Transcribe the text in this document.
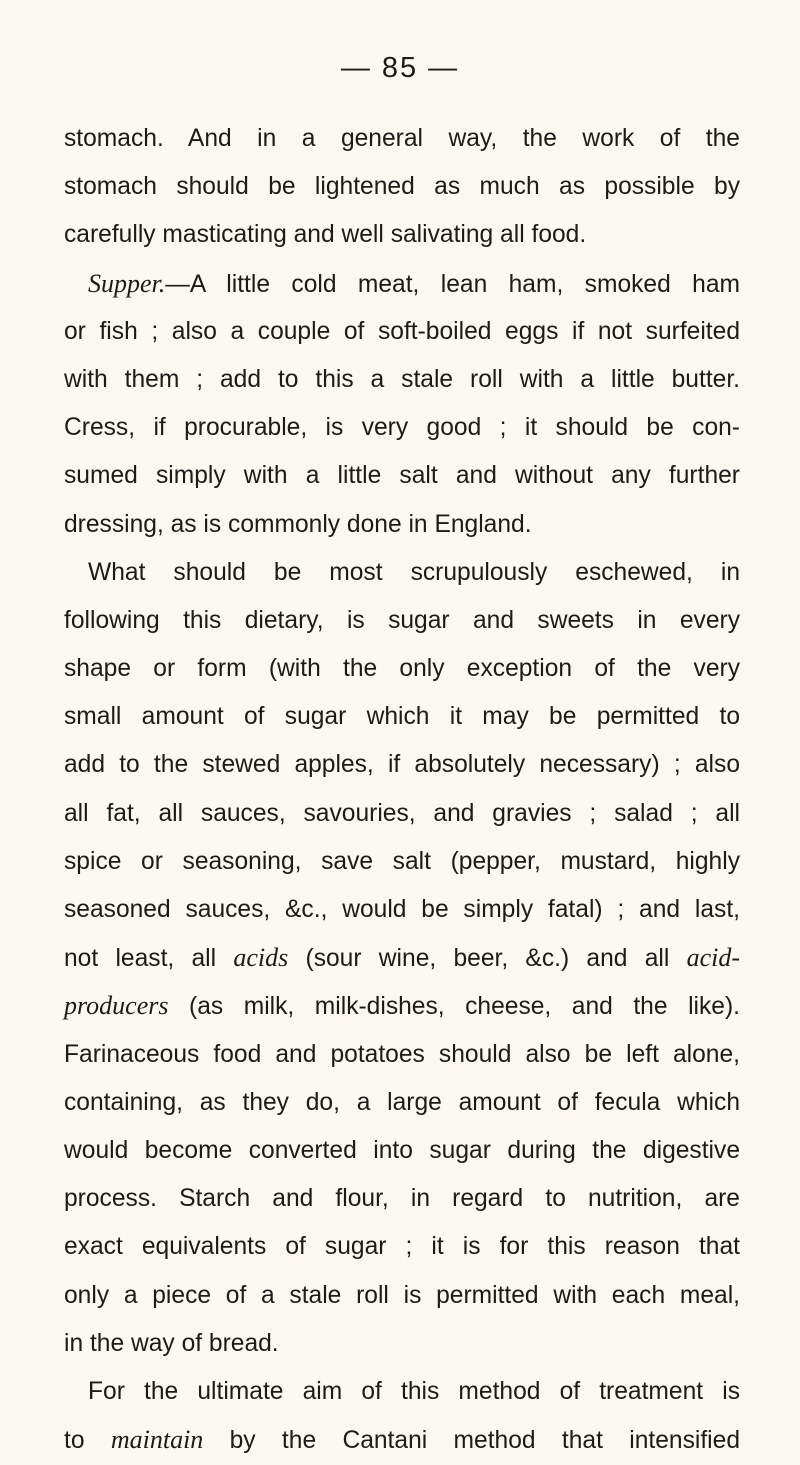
— 85 —
stomach. And in a general way, the work of the
stomach should be lightened as much as possible by
carefully masticating and well salivating all food.
Supper.—A little cold meat, lean ham, smoked ham
or fish ; also a couple of soft-boiled eggs if not surfeited
with them ; add to this a stale roll with a little butter.
Cress, if procurable, is very good ; it should be con-
sumed simply with a little salt and without any further
dressing, as is commonly done in England.
What should be most scrupulously eschewed, in
following this dietary, is sugar and sweets in every
shape or form (with the only exception of the very
small amount of sugar which it may be permitted to
add to the stewed apples, if absolutely necessary) ; also
all fat, all sauces, savouries, and gravies ; salad ; all
spice or seasoning, save salt (pepper, mustard, highly
seasoned sauces, &c., would be simply fatal) ; and last,
not least, all acids (sour wine, beer, &c.) and all acid-
producers (as milk, milk-dishes, cheese, and the like).
Farinaceous food and potatoes should also be left alone,
containing, as they do, a large amount of fecula which
would become converted into sugar during the digestive
process. Starch and flour, in regard to nutrition, are
exact equivalents of sugar ; it is for this reason that
only a piece of a stale roll is permitted with each meal,
in the way of bread.
For the ultimate aim of this method of treatment is
to maintain by the Cantani method that intensified
